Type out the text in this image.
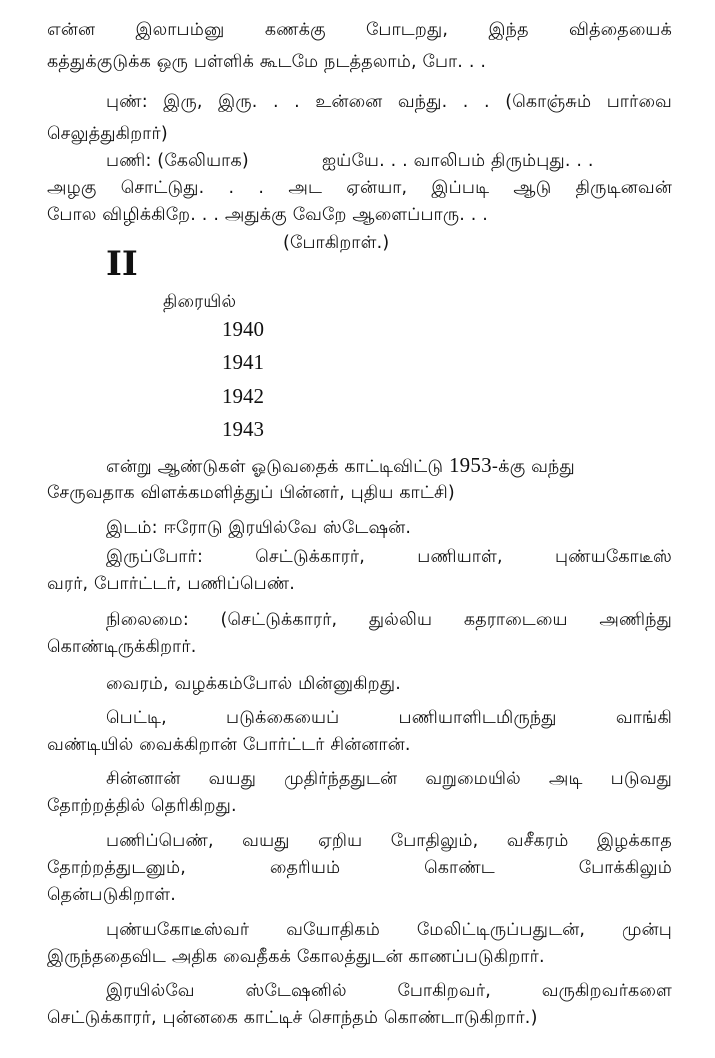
என்ன இலாபம்னு கணக்கு போடறது, இந்த வித்தையைக்
கத்துக்குடுக்க ஒரு பள்ளிக் கூடமே நடத்தலாம், போ. . .
புண்: இரு, இரு. . . உன்னை வந்து. . . (கொஞ்சும் பார்வை
செலுத்துகிறார்)
பணி: (கேலியாக)	ஐய்யே. . . வாலிபம் திரும்புது. . .
அழகு சொட்டுது. . . அட ஏன்யா, இப்படி ஆடு திருடினவன்
போல விழிக்கிறே. . . அதுக்கு வேறே ஆளைப்பாரு. . .
(போகிறாள்.)
II
திரையில்
1940
1941
1942
1943
என்று ஆண்டுகள் ஓடுவதைக் காட்டிவிட்டு 1953-க்கு வந்து
சேருவதாக விளக்கமளித்துப் பின்னர், புதிய காட்சி)
இடம்: ஈரோடு இரயில்வே ஸ்டேஷன்.
இருப்போர்: செட்டுக்காரர், பணியாள், புண்யகோடீஸ்
வரர், போர்ட்டர், பணிப்பெண்.
நிலைமை: (செட்டுக்காரர், துல்லிய கதராடையை அணிந்து
கொண்டிருக்கிறார்.
வைரம், வழக்கம்போல் மின்னுகிறது.
பெட்டி, படுக்கையைப் பணியாளிடமிருந்து வாங்கி
வண்டியில் வைக்கிறான் போர்ட்டர் சின்னான்.
சின்னான் வயது முதிர்ந்ததுடன் வறுமையில் அடி படுவது
தோற்றத்தில் தெரிகிறது.
பணிப்பெண், வயது ஏறிய போதிலும், வசீகரம் இழக்காத
தோற்றத்துடனும், தைரியம் கொண்ட போக்கிலும்
தென்படுகிறாள்.
புண்யகோடீஸ்வர் வயோதிகம் மேலிட்டிருப்பதுடன், முன்பு
இருந்ததைவிட அதிக வைதீகக் கோலத்துடன் காணப்படுகிறார்.
இரயில்வே ஸ்டேஷனில் போகிறவர், வருகிறவர்களை
செட்டுக்காரர், புன்னகை காட்டிச் சொந்தம் கொண்டாடுகிறார்.)
